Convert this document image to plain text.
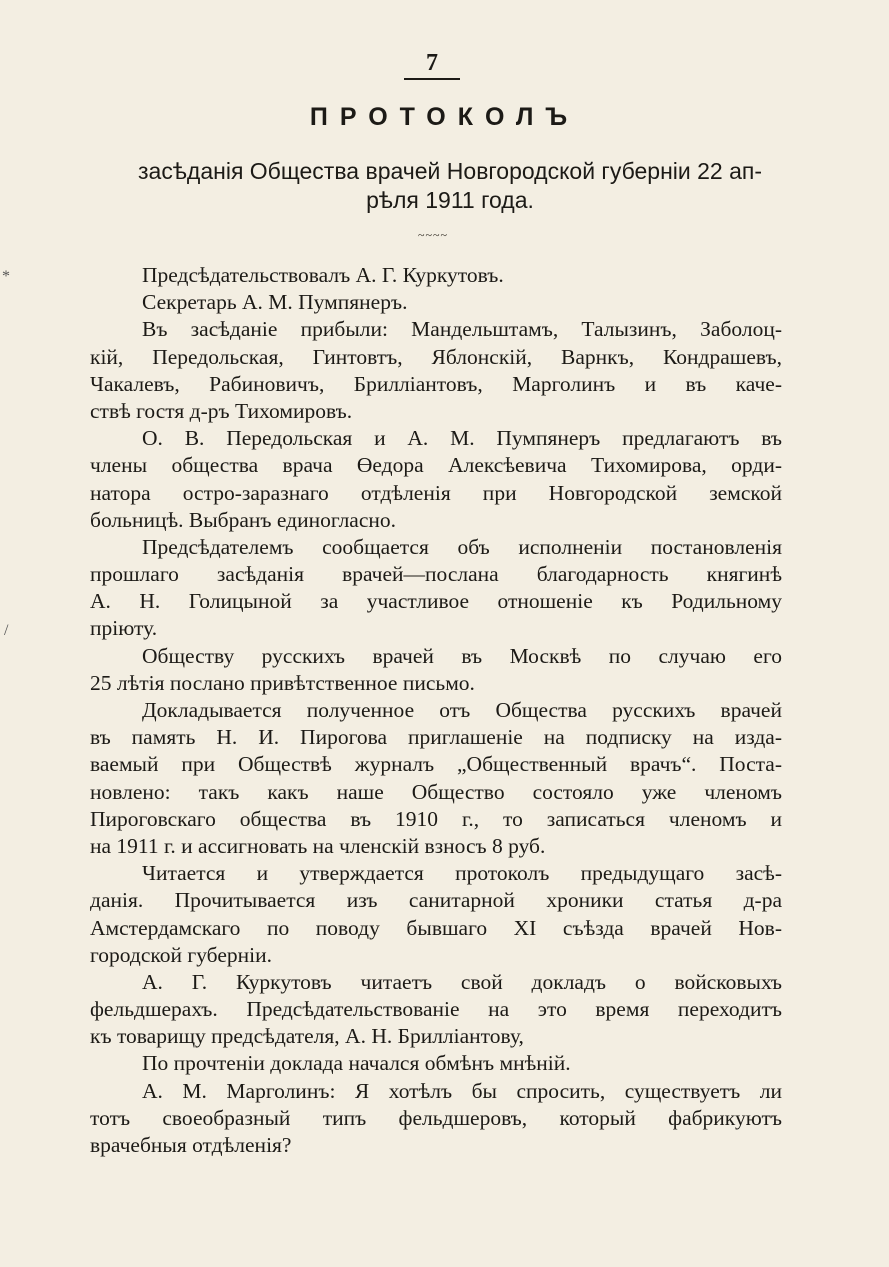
7
ПРОТОКОЛЪ
засѣданія Общества врачей Новгородской губерніи 22 ап-
рѣля 1911 года.
~~~~
Предсѣдательствовалъ А. Г. Куркутовъ.
Секретарь А. М. Пумпянеръ.
Въ засѣданіе прибыли: Мандельштамъ, Талызинъ, Заболоц-
кій, Передольская, Гинтовтъ, Яблонскій, Варнкъ, Кондрашевъ,
Чакалевъ, Рабиновичъ, Бриллiантовъ, Марголинъ и въ каче-
ствѣ гостя д-ръ Тихомировъ.
О. В. Передольская и А. М. Пумпянеръ предлагаютъ въ
члены общества врача Өедора Алексѣевича Тихомирова, орди-
натора остро-заразнаго отдѣленія при Новгородской земской
больницѣ. Выбранъ единогласно.
Предсѣдателемъ сообщается объ исполненіи постановленія
прошлаго засѣданія врачей—послана благодарность княгинѣ
А. Н. Голицыной за участливое отношеніе къ Родильному
пріюту.
Обществу русскихъ врачей въ Москвѣ по случаю его
25 лѣтія послано привѣтственное письмо.
Докладывается полученное отъ Общества русскихъ врачей
въ память Н. И. Пирогова приглашеніе на подписку на изда-
ваемый при Обществѣ журналъ „Общественный врачъ“. Поста-
новлено: такъ какъ наше Общество состояло уже членомъ
Пироговскаго общества въ 1910 г., то записаться членомъ и
на 1911 г. и ассигновать на членскій взносъ 8 руб.
Читается и утверждается протоколъ предыдущаго засѣ-
данія. Прочитывается изъ санитарной хроники статья д-ра
Амстердамскаго по поводу бывшаго XI съѣзда врачей Нов-
городской губерніи.
А. Г. Куркутовъ читаетъ свой докладъ о войсковыхъ
фельдшерахъ. Предсѣдательствованіе на это время переходитъ
къ товарищу предсѣдателя, А. Н. Бриллiантову,
По прочтеніи доклада начался обмѣнъ мнѣній.
А. М. Марголинъ: Я хотѣлъ бы спросить, существуетъ ли
тотъ своеобразный типъ фельдшеровъ, который фабрикуютъ
врачебныя отдѣленія?
*
/
